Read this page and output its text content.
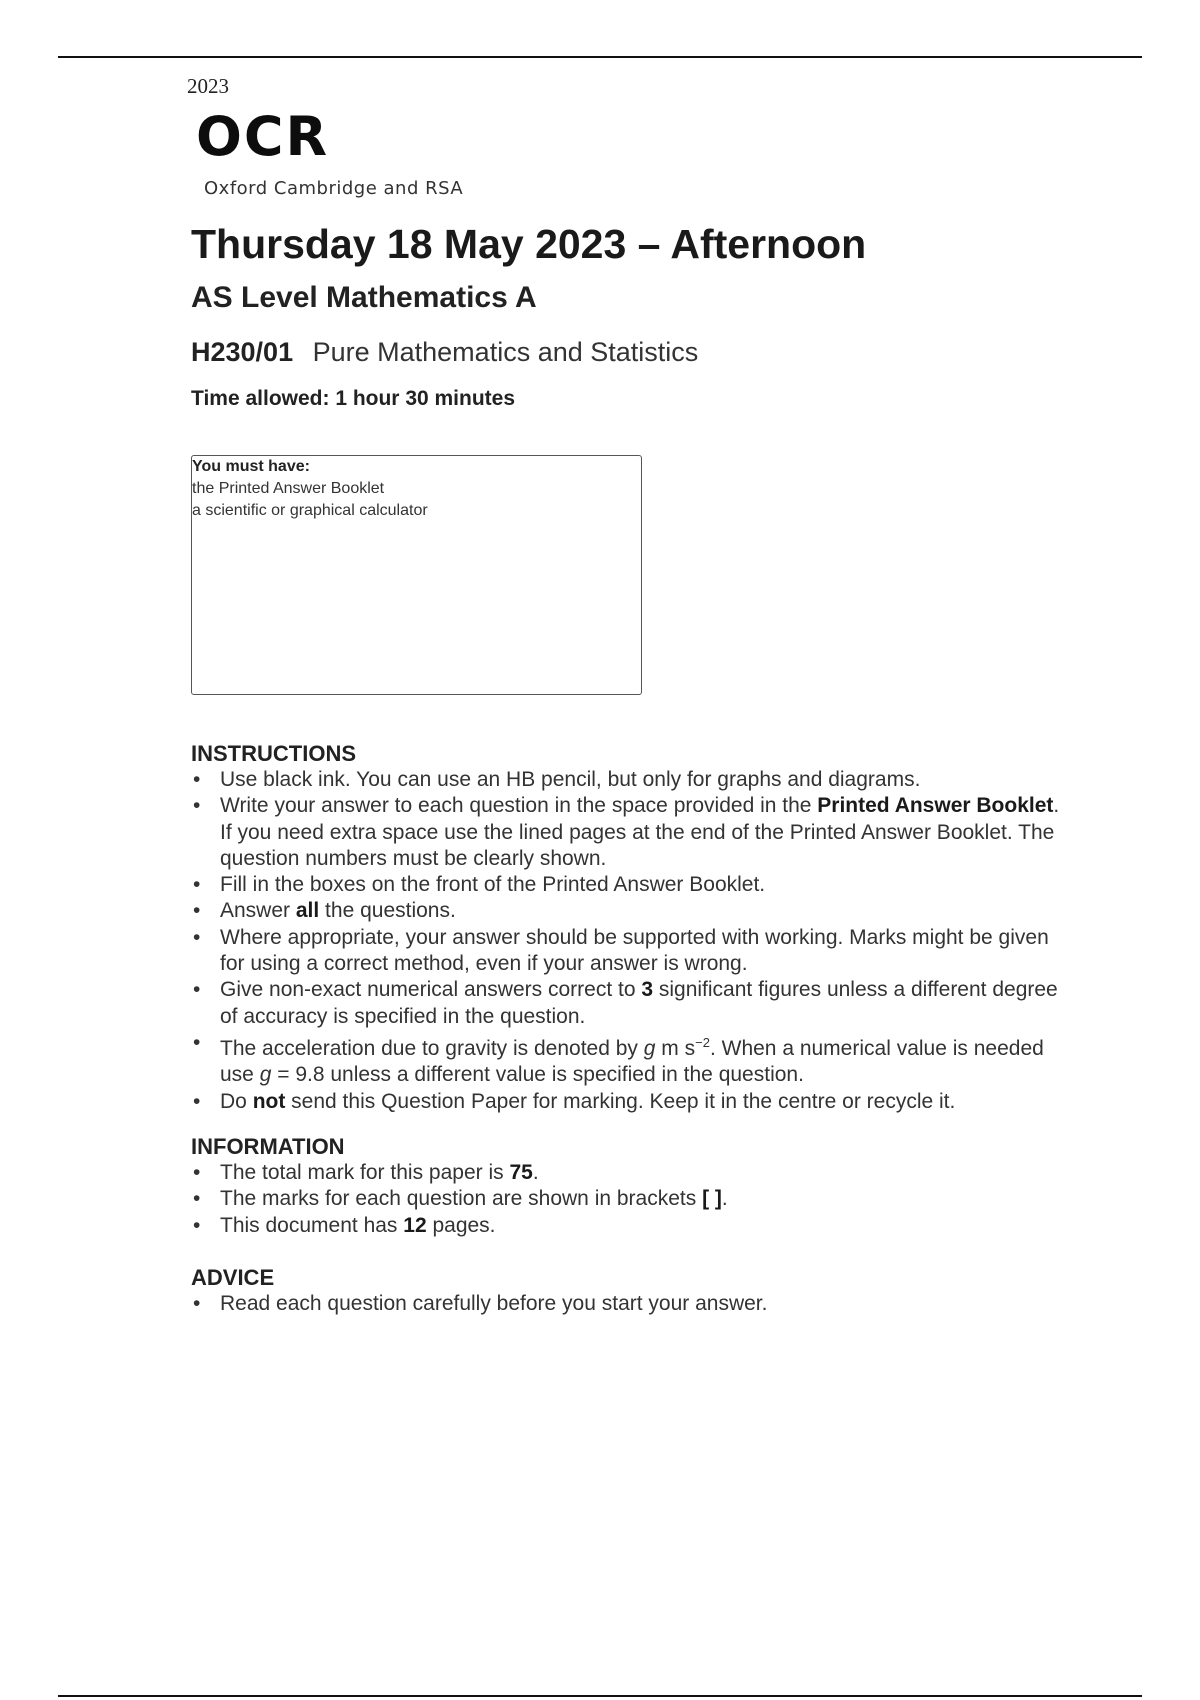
2023
OCR
Oxford Cambridge and RSA
Thursday 18 May 2023 – Afternoon
AS Level Mathematics A
H230/01 Pure Mathematics and Statistics
Time allowed: 1 hour 30 minutes
You must have:
the Printed Answer Booklet
a scientific or graphical calculator
INSTRUCTIONS
• Use black ink. You can use an HB pencil, but only for graphs and diagrams.
• Write your answer to each question in the space provided in the Printed Answer Booklet. If you need extra space use the lined pages at the end of the Printed Answer Booklet. The question numbers must be clearly shown.
• Fill in the boxes on the front of the Printed Answer Booklet.
• Answer all the questions.
• Where appropriate, your answer should be supported with working. Marks might be given for using a correct method, even if your answer is wrong.
• Give non-exact numerical answers correct to 3 significant figures unless a different degree of accuracy is specified in the question.
• The acceleration due to gravity is denoted by g m $s^{-2}$. When a numerical value is needed use g = 9.8 unless a different value is specified in the question.
• Do not send this Question Paper for marking. Keep it in the centre or recycle it.
INFORMATION
• The total mark for this paper is 75.
• The marks for each question are shown in brackets [ ].
• This document has 12 pages.
ADVICE
• Read each question carefully before you start your answer.
